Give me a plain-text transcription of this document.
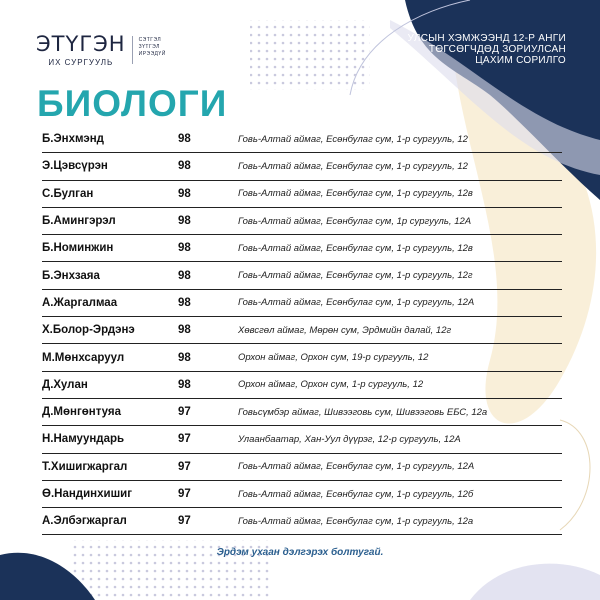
ЭТҮГЭН
ИХ СУРГУУЛЬ
СЭТГЭЛ
ЗҮТГЭЛ
ИРЭЭДҮЙ
УЛСЫН ХЭМЖЭЭНД 12-Р АНГИ
ТӨГСӨГЧДӨД ЗОРИУЛСАН
ЦАХИМ СОРИЛГО
БИОЛОГИ
Б.Энхмэнд	98	Говь-Алтай аймаг, Есөнбулаг сум, 1-р сургууль, 12
Э.Цэвсүрэн	98	Говь-Алтай аймаг, Есөнбулаг сум, 1-р сургууль, 12
С.Булган	98	Говь-Алтай аймаг, Есөнбулаг сум, 1-р сургууль, 12в
Б.Амингэрэл	98	Говь-Алтай аймаг, Есөнбулаг сум, 1р сургууль, 12А
Б.Номинжин	98	Говь-Алтай аймаг, Есөнбулаг сум, 1-р сургууль, 12в
Б.Энхзаяа	98	Говь-Алтай аймаг, Есөнбулаг сум, 1-р сургууль, 12г
А.Жаргалмаа	98	Говь-Алтай аймаг, Есөнбулаг сум, 1-р сургууль, 12А
Х.Болор-Эрдэнэ	98	Хөвсгөл аймаг, Мөрөн сум, Эрдмийн далай, 12г
М.Мөнхсаруул	98	Орхон аймаг, Орхон сум, 19-р сургууль, 12
Д.Хулан	98	Орхон аймаг, Орхон сум, 1-р сургууль, 12
Д.Мөнгөнтуяа	97	Говьсүмбэр аймаг, Шивээговь сум, Шивээговь ЕБС, 12а
Н.Намуундарь	97	Улаанбаатар, Хан-Уул дүүрэг, 12-р сургууль, 12А
Т.Хишигжаргал	97	Говь-Алтай аймаг, Есөнбулаг сум, 1-р сургууль, 12А
Ө.Нандинхишиг	97	Говь-Алтай аймаг, Есөнбулаг сум, 1-р сургууль, 12б
А.Элбэгжаргал	97	Говь-Алтай аймаг, Есөнбулаг сум, 1-р сургууль, 12а

Эрдэм ухаан дэлгэрэх болтугай.
